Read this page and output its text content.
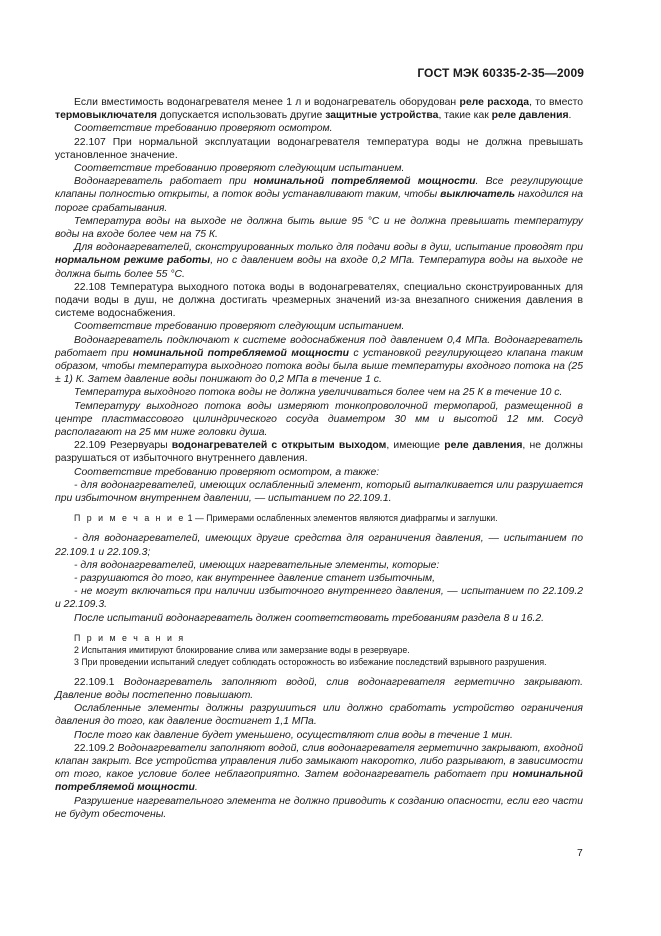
ГОСТ МЭК 60335-2-35—2009

Если вместимость водонагревателя менее 1 л и водонагреватель оборудован реле расхода, то вместо термовыключателя допускается использовать другие защитные устройства, такие как реле давления.

Соответствие требованию проверяют осмотром.

22.107 При нормальной эксплуатации водонагревателя температура воды не должна превышать установленное значение.

Соответствие требованию проверяют следующим испытанием.

Водонагреватель работает при номинальной потребляемой мощности. Все регулирующие клапаны полностью открыты, а поток воды устанавливают таким, чтобы выключатель находился на пороге срабатывания.

Температура воды на выходе не должна быть выше 95 °С и не должна превышать температуру воды на входе более чем на 75 К.

Для водонагревателей, сконструированных только для подачи воды в душ, испытание проводят при нормальном режиме работы, но с давлением воды на входе 0,2 МПа. Температура воды на выходе не должна быть более 55 °С.

22.108 Температура выходного потока воды в водонагревателях, специально сконструированных для подачи воды в душ, не должна достигать чрезмерных значений из-за внезапного снижения давления в системе водоснабжения.

Соответствие требованию проверяют следующим испытанием.

Водонагреватель подключают к системе водоснабжения под давлением 0,4 МПа. Водонагреватель работает при номинальной потребляемой мощности с установкой регулирующего клапана таким образом, чтобы температура выходного потока воды была выше температуры входного потока на (25 ± 1) К. Затем давление воды понижают до 0,2 МПа в течение 1 с.

Температура выходного потока воды не должна увеличиваться более чем на 25 К в течение 10 с.

Температуру выходного потока воды измеряют тонкопроволочной термопарой, размещенной в центре пластмассового цилиндрического сосуда диаметром 30 мм и высотой 12 мм. Сосуд располагают на 25 мм ниже головки душа.

22.109 Резервуары водонагревателей с открытым выходом, имеющие реле давления, не должны разрушаться от избыточного внутреннего давления.

Соответствие требованию проверяют осмотром, а также:

- для водонагревателей, имеющих ослабленный элемент, который выталкивается или разрушается при избыточном внутреннем давлении, — испытанием по 22.109.1.

П р и м е ч а н и е 1 — Примерами ослабленных элементов являются диафрагмы и заглушки.

- для водонагревателей, имеющих другие средства для ограничения давления, — испытанием по 22.109.1 и 22.109.3;

- для водонагревателей, имеющих нагревательные элементы, которые:

- разрушаются до того, как внутреннее давление станет избыточным,

- не могут включаться при наличии избыточного внутреннего давления, — испытанием по 22.109.2 и 22.109.3.

После испытаний водонагреватель должен соответствовать требованиям раздела 8 и 16.2.

П р и м е ч а н и я

2 Испытания имитируют блокирование слива или замерзание воды в резервуаре.

3 При проведении испытаний следует соблюдать осторожность во избежание последствий взрывного разрушения.

22.109.1 Водонагреватель заполняют водой, слив водонагревателя герметично закрывают. Давление воды постепенно повышают.

Ослабленные элементы должны разрушиться или должно сработать устройство ограничения давления до того, как давление достигнет 1,1 МПа.

После того как давление будет уменьшено, осуществляют слив воды в течение 1 мин.

22.109.2 Водонагреватели заполняют водой, слив водонагревателя герметично закрывают, входной клапан закрыт. Все устройства управления либо замыкают накоротко, либо разрывают, в зависимости от того, какое условие более неблагоприятно. Затем водонагреватель работает при номинальной потребляемой мощности.

Разрушение нагревательного элемента не должно приводить к созданию опасности, если его части не будут обесточены.

7
